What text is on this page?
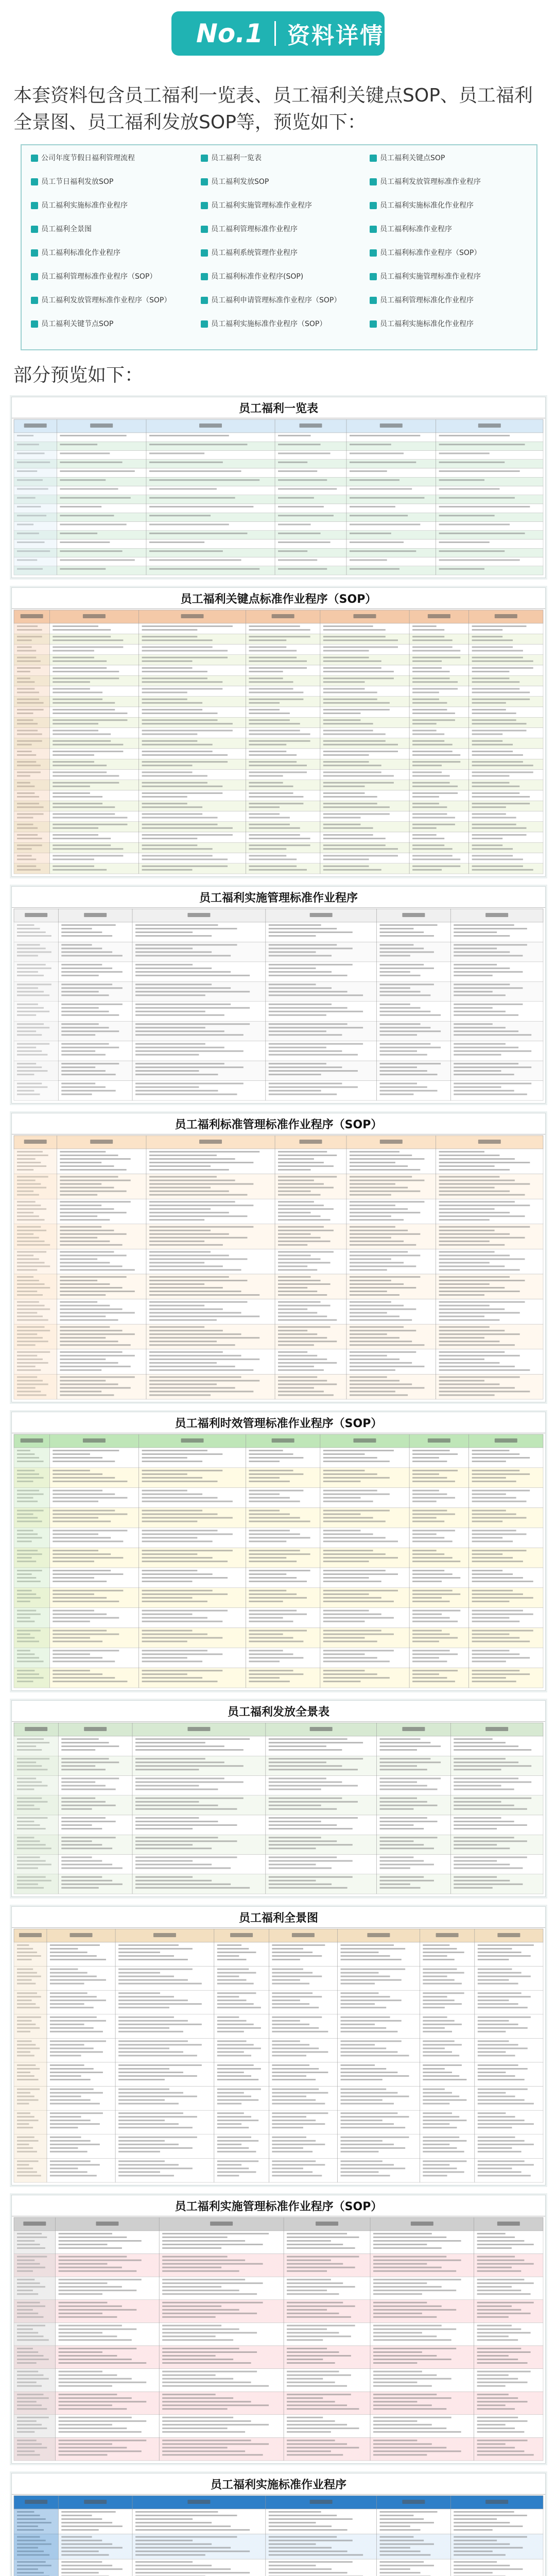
No.1 资料详情
本套资料包含员工福利一览表、员工福利关键点SOP、员工福利全景图、员工福利发放SOP等，预览如下：
公司年度节假日福利管理流程	员工福利一览表	员工福利关键点SOP
员工节日福利发放SOP	员工福利发放SOP	员工福利发放管理标准作业程序
员工福利实施标准作业程序	员工福利实施管理标准作业程序	员工福利实施标准化作业程序
员工福利全景图	员工福利管理标准作业程序	员工福利标准作业程序
员工福利标准化作业程序	员工福利系统管理作业程序	员工福利标准作业程序（SOP）
员工福利管理标准作业程序（SOP）	员工福利标准作业程序(SOP)	员工福利实施管理标准作业程序
员工福利发放管理标准作业程序（SOP）	员工福利申请管理标准作业程序（SOP）	员工福利管理标准化作业程序
员工福利关键节点SOP	员工福利实施标准作业程序（SOP）	员工福利实施标准化作业程序
部分预览如下：
员工福利一览表
员工福利关键点标准作业程序（SOP）
员工福利实施管理标准作业程序
员工福利标准管理标准作业程序（SOP）
员工福利时效管理标准作业程序（SOP）
员工福利发放全景表
员工福利全景图
员工福利实施管理标准作业程序（SOP）
员工福利实施标准作业程序
